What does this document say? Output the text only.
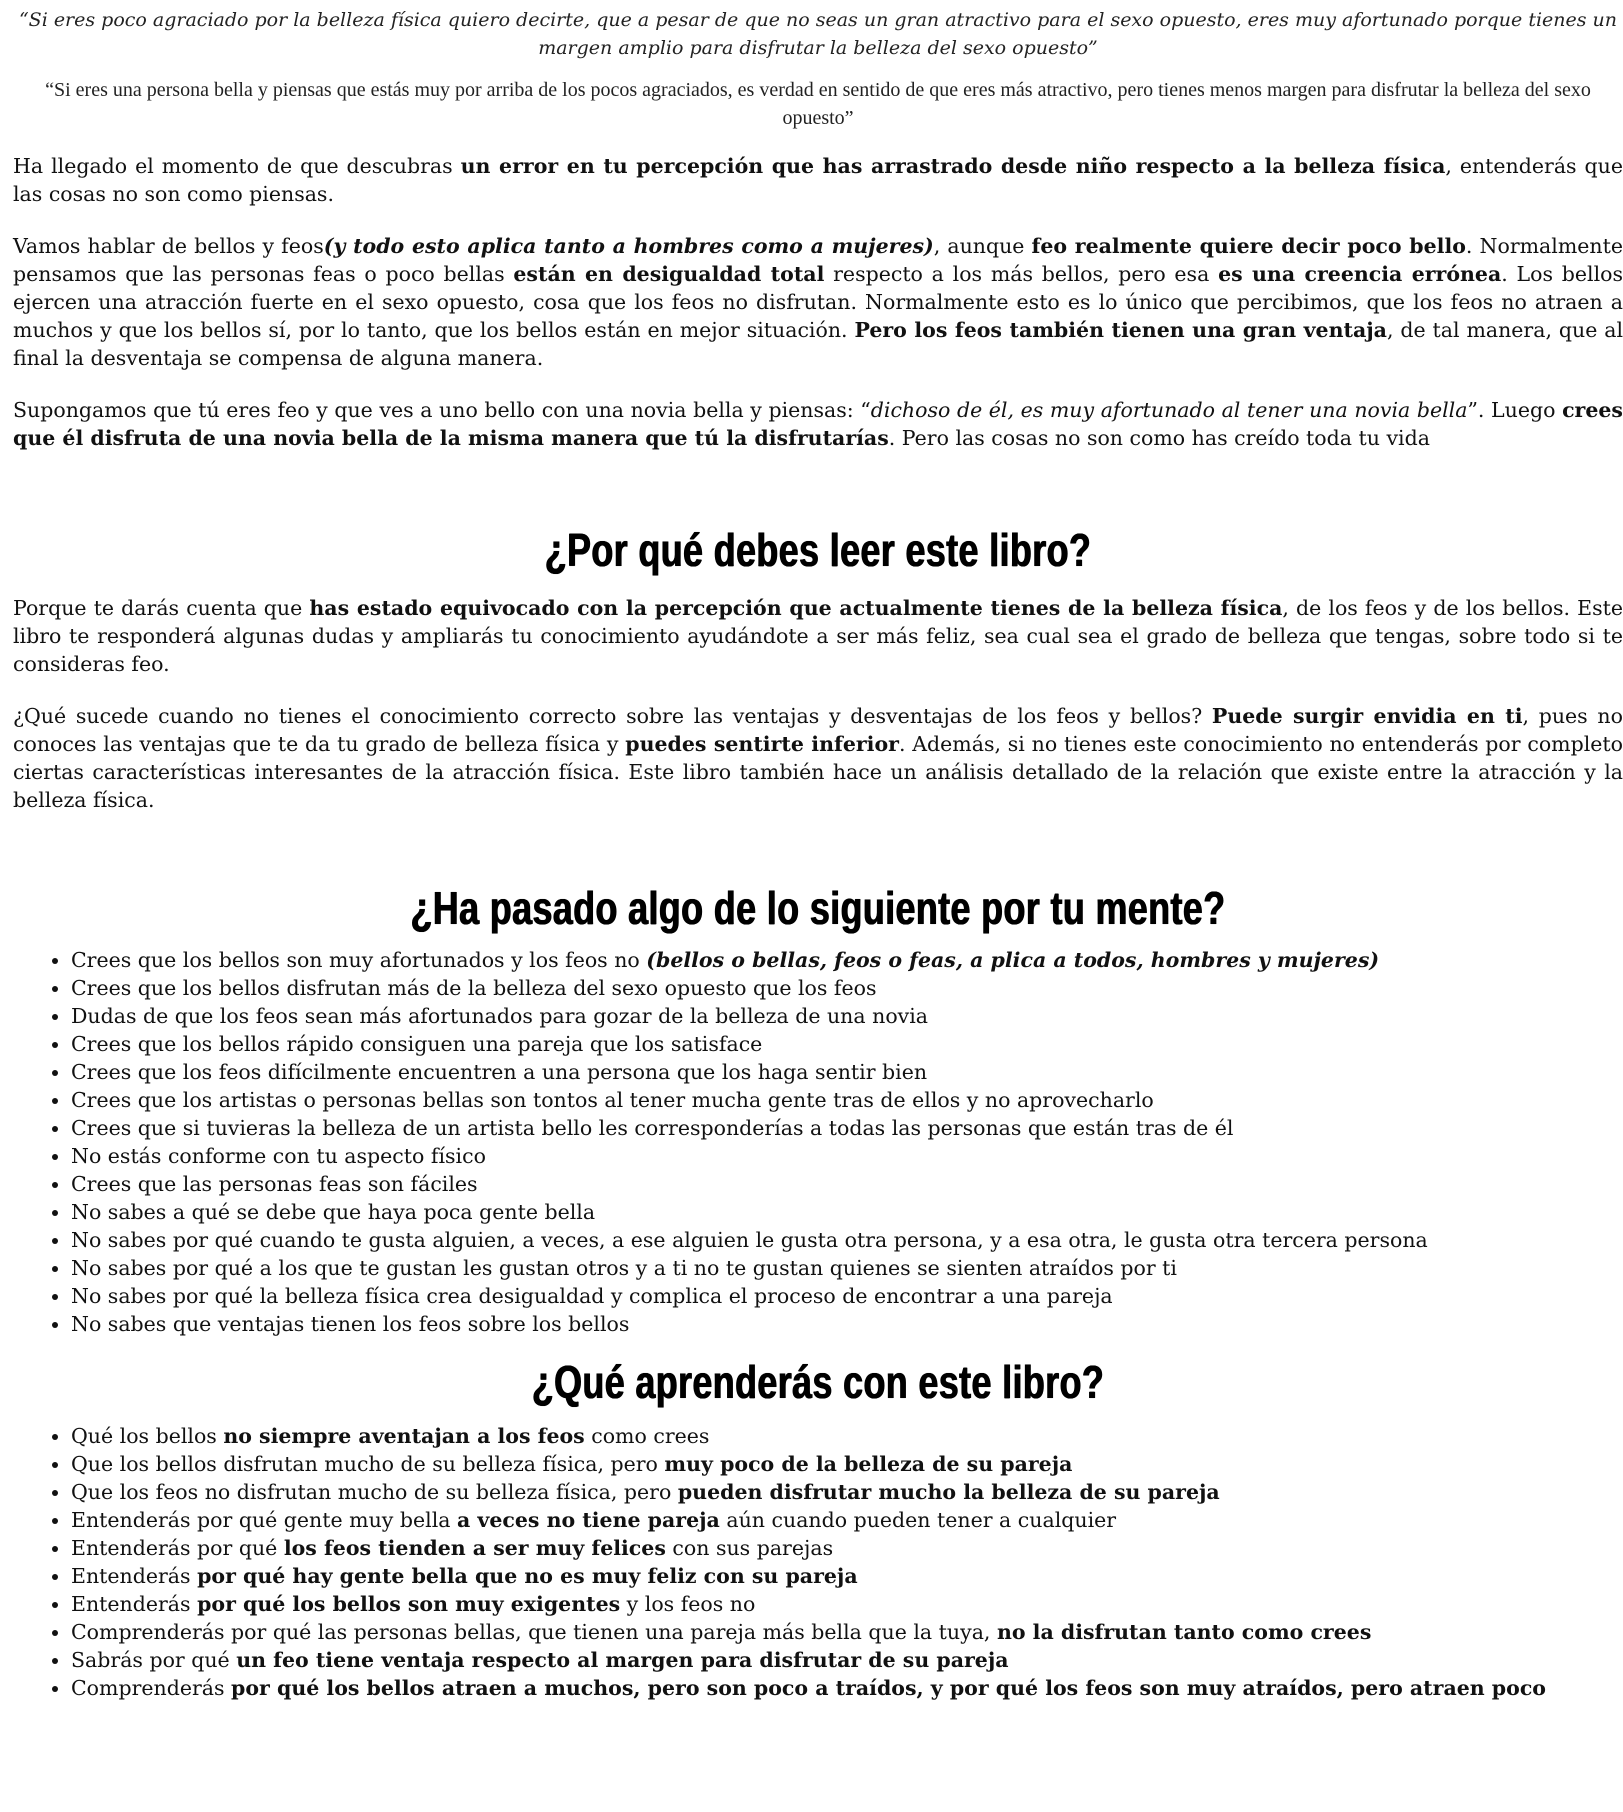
“Si eres poco agraciado por la belleza física quiero decirte, que a pesar de que no seas un gran atractivo para el sexo opuesto, eres muy afortunado porque tienes un margen amplio para disfrutar la belleza del sexo opuesto”

“Si eres una persona bella y piensas que estás muy por arriba de los pocos agraciados, es verdad en sentido de que eres más atractivo, pero tienes menos margen para disfrutar la belleza del sexo opuesto”

Ha llegado el momento de que descubras un error en tu percepción que has arrastrado desde niño respecto a la belleza física, entenderás que las cosas no son como piensas.

Vamos hablar de bellos y feos(y todo esto aplica tanto a hombres como a mujeres), aunque feo realmente quiere decir poco bello. Normalmente pensamos que las personas feas o poco bellas están en desigualdad total respecto a los más bellos, pero esa es una creencia errónea. Los bellos ejercen una atracción fuerte en el sexo opuesto, cosa que los feos no disfrutan. Normalmente esto es lo único que percibimos, que los feos no atraen a muchos y que los bellos sí, por lo tanto, que los bellos están en mejor situación. Pero los feos también tienen una gran ventaja, de tal manera, que al final la desventaja se compensa de alguna manera.

Supongamos que tú eres feo y que ves a uno bello con una novia bella y piensas: “dichoso de él, es muy afortunado al tener una novia bella”. Luego crees que él disfruta de una novia bella de la misma manera que tú la disfrutarías. Pero las cosas no son como has creído toda tu vida

¿Por qué debes leer este libro?

Porque te darás cuenta que has estado equivocado con la percepción que actualmente tienes de la belleza física, de los feos y de los bellos. Este libro te responderá algunas dudas y ampliarás tu conocimiento ayudándote a ser más feliz, sea cual sea el grado de belleza que tengas, sobre todo si te consideras feo.

¿Qué sucede cuando no tienes el conocimiento correcto sobre las ventajas y desventajas de los feos y bellos? Puede surgir envidia en ti, pues no conoces las ventajas que te da tu grado de belleza física y puedes sentirte inferior. Además, si no tienes este conocimiento no entenderás por completo ciertas características interesantes de la atracción física. Este libro también hace un análisis detallado de la relación que existe entre la atracción y la belleza física.

¿Ha pasado algo de lo siguiente por tu mente?
• Crees que los bellos son muy afortunados y los feos no (bellos o bellas, feos o feas, a plica a todos, hombres y mujeres)
• Crees que los bellos disfrutan más de la belleza del sexo opuesto que los feos
• Dudas de que los feos sean más afortunados para gozar de la belleza de una novia
• Crees que los bellos rápido consiguen una pareja que los satisface
• Crees que los feos difícilmente encuentren a una persona que los haga sentir bien
• Crees que los artistas o personas bellas son tontos al tener mucha gente tras de ellos y no aprovecharlo
• Crees que si tuvieras la belleza de un artista bello les corresponderías a todas las personas que están tras de él
• No estás conforme con tu aspecto físico
• Crees que las personas feas son fáciles
• No sabes a qué se debe que haya poca gente bella
• No sabes por qué cuando te gusta alguien, a veces, a ese alguien le gusta otra persona, y a esa otra, le gusta otra tercera persona
• No sabes por qué a los que te gustan les gustan otros y a ti no te gustan quienes se sienten atraídos por ti
• No sabes por qué la belleza física crea desigualdad y complica el proceso de encontrar a una pareja
• No sabes que ventajas tienen los feos sobre los bellos
¿Qué aprenderás con este libro?
• Qué los bellos no siempre aventajan a los feos como crees
• Que los bellos disfrutan mucho de su belleza física, pero muy poco de la belleza de su pareja
• Que los feos no disfrutan mucho de su belleza física, pero pueden disfrutar mucho la belleza de su pareja
• Entenderás por qué gente muy bella a veces no tiene pareja aún cuando pueden tener a cualquier
• Entenderás por qué los feos tienden a ser muy felices con sus parejas
• Entenderás por qué hay gente bella que no es muy feliz con su pareja
• Entenderás por qué los bellos son muy exigentes y los feos no
• Comprenderás por qué las personas bellas, que tienen una pareja más bella que la tuya, no la disfrutan tanto como crees
• Sabrás por qué un feo tiene ventaja respecto al margen para disfrutar de su pareja
• Comprenderás por qué los bellos atraen a muchos, pero son poco a traídos, y por qué los feos son muy atraídos, pero atraen poco
